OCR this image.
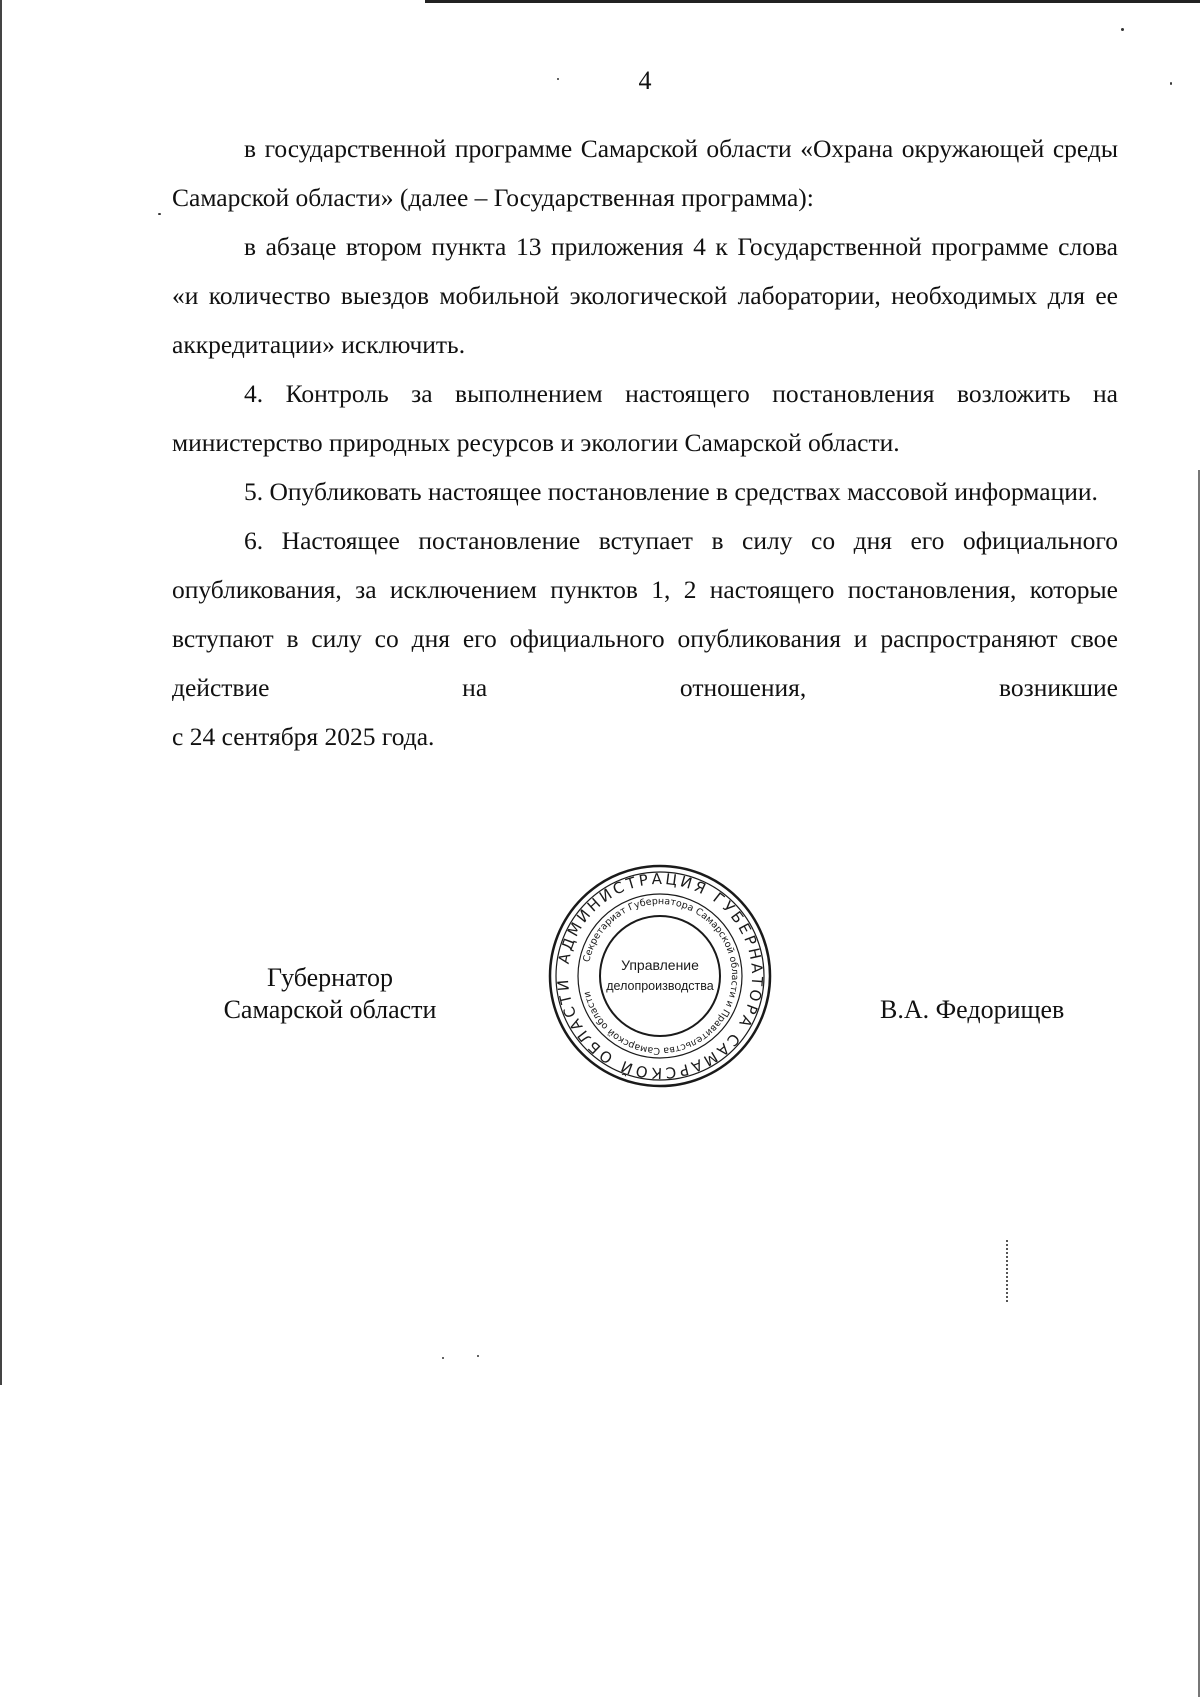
4

в государственной программе Самарской области «Охрана окружающей среды Самарской области» (далее – Государственная программа):

в абзаце втором пункта 13 приложения 4 к Государственной программе слова «и количество выездов мобильной экологической лаборатории, необходимых для ее аккредитации» исключить.

4. Контроль за выполнением настоящего постановления возложить на министерство природных ресурсов и экологии Самарской области.

5. Опубликовать настоящее постановление в средствах массовой информации.

6. Настоящее постановление вступает в силу со дня его официального опубликования, за исключением пунктов 1, 2 настоящего постановления, которые вступают в силу со дня его официального опубликования и распространяют свое действие на отношения, возникшие

с 24 сентября 2025 года.

Губернатор
Самарской области
АДМИНИСТРАЦИЯ ГУБЕРНАТОРА САМАРСКОЙ ОБЛАСТИ
Секретариат Губернатора Самарской области и Правительства Самарской области
Управление
делопроизводства
В.А. Федорищев
